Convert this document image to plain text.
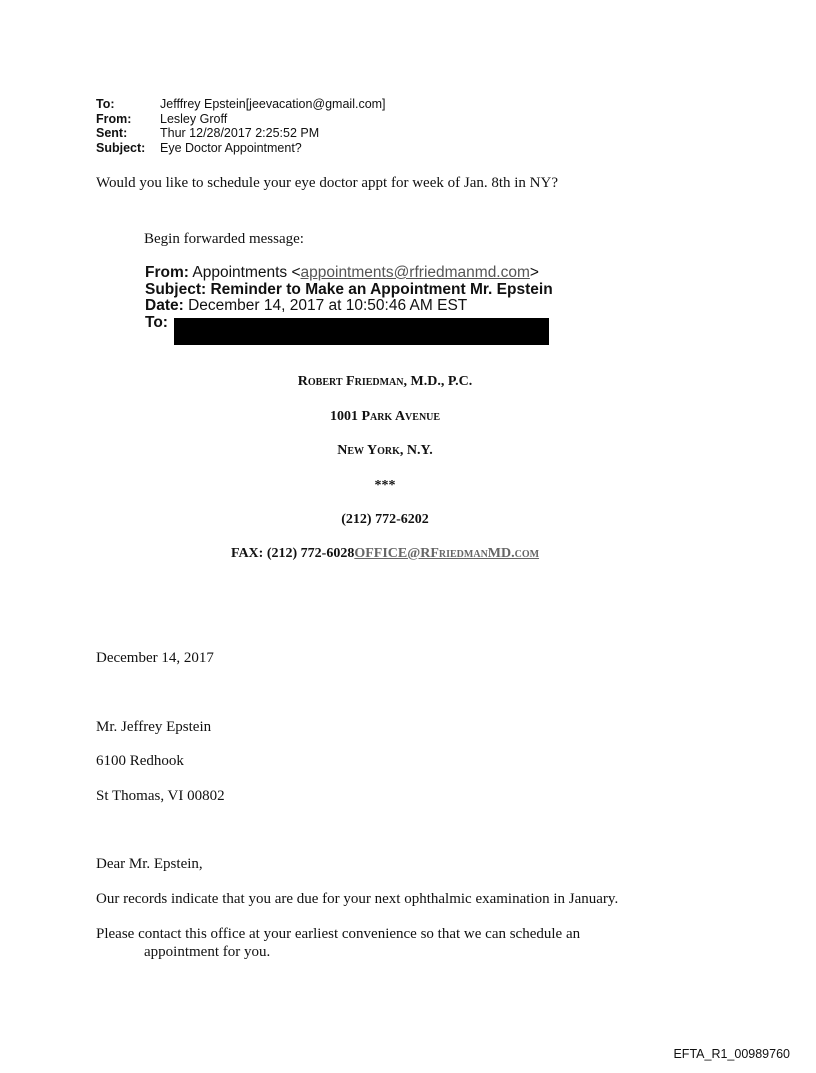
To:	Jefffrey Epstein[jeevacation@gmail.com]
From:	Lesley Groff
Sent:	Thur 12/28/2017 2:25:52 PM
Subject:	Eye Doctor Appointment?
Would you like to schedule your eye doctor appt for week of Jan. 8th in NY?
Begin forwarded message:
From: Appointments <appointments@rfriedmanmd.com>
Subject: Reminder to Make an Appointment Mr. Epstein
Date: December 14, 2017 at 10:50:46 AM EST
To:
Robert Friedman, M.D., P.C.
1001 Park Avenue
New York, N.Y.
***
(212) 772-6202
FAX: (212) 772-6028OFFICE@RFriedmanMD.com
December 14, 2017
Mr. Jeffrey Epstein
6100 Redhook
St Thomas, VI 00802
Dear Mr. Epstein,
Our records indicate that you are due for your next ophthalmic examination in January.
Please contact this office at your earliest convenience so that we can schedule an
appointment for you.
EFTA_R1_00989760
